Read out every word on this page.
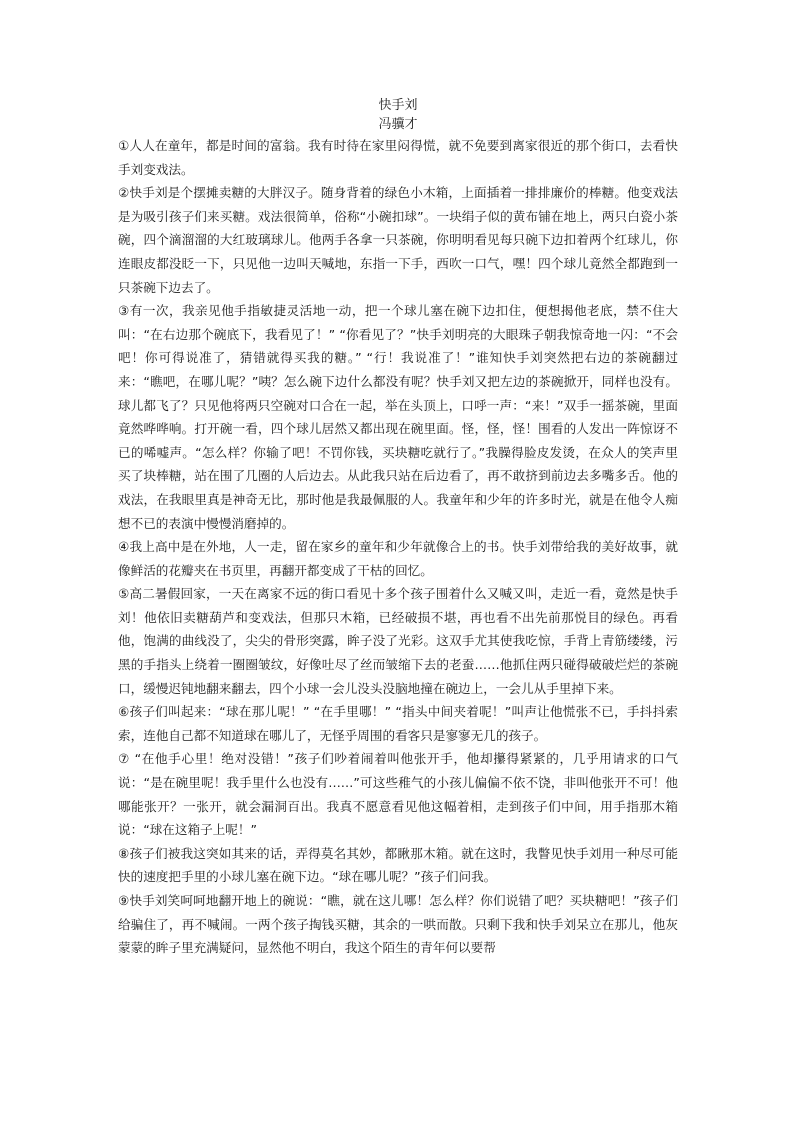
快手刘

冯骥才

①人人在童年，都是时间的富翁。我有时待在家里闷得慌，就不免要到离家很近的那个街口，去看快手刘变戏法。

②快手刘是个摆摊卖糖的大胖汉子。随身背着的绿色小木箱，上面插着一排排廉价的棒糖。他变戏法是为吸引孩子们来买糖。戏法很简单，俗称“小碗扣球”。一块绢子似的黄布铺在地上，两只白瓷小茶碗，四个滴溜溜的大红玻璃球儿。他两手各拿一只茶碗，你明明看见每只碗下边扣着两个红球儿，你连眼皮都没眨一下，只见他一边叫天喊地，东指一下手，西吹一口气，嘿！四个球儿竟然全都跑到一只茶碗下边去了。

③有一次，我亲见他手指敏捷灵活地一动，把一个球儿塞在碗下边扣住，便想揭他老底，禁不住大叫：“在右边那个碗底下，我看见了！” “你看见了？”快手刘明亮的大眼珠子朝我惊奇地一闪：“不会吧！你可得说准了，猜错就得买我的糖。” “行！我说准了！”谁知快手刘突然把右边的茶碗翻过来：“瞧吧，在哪儿呢？”咦？怎么碗下边什么都没有呢？快手刘又把左边的茶碗掀开，同样也没有。球儿都飞了？只见他将两只空碗对口合在一起，举在头顶上，口呼一声：“来！”双手一摇茶碗，里面竟然哗哗响。打开碗一看，四个球儿居然又都出现在碗里面。怪，怪，怪！围看的人发出一阵惊讶不已的唏嘘声。“怎么样？你输了吧！不罚你钱，买块糖吃就行了。”我臊得脸皮发烫，在众人的笑声里买了块棒糖，站在围了几圈的人后边去。从此我只站在后边看了，再不敢挤到前边去多嘴多舌。他的戏法，在我眼里真是神奇无比，那时他是我最佩服的人。我童年和少年的许多时光，就是在他令人痴想不已的表演中慢慢消磨掉的。

④我上高中是在外地，人一走，留在家乡的童年和少年就像合上的书。快手刘带给我的美好故事，就像鲜活的花瓣夹在书页里，再翻开都变成了干枯的回忆。

⑤高二暑假回家，一天在离家不远的街口看见十多个孩子围着什么又喊又叫，走近一看，竟然是快手刘！他依旧卖糖葫芦和变戏法，但那只木箱，已经破损不堪，再也看不出先前那悦目的绿色。再看他，饱满的曲线没了，尖尖的骨形突露，眸子没了光彩。这双手尤其使我吃惊，手背上青筋缕缕，污黑的手指头上绕着一圈圈皱纹，好像吐尽了丝而皱缩下去的老蚕……他抓住两只碰得破破烂烂的茶碗口，缓慢迟钝地翻来翻去，四个小球一会儿没头没脑地撞在碗边上，一会儿从手里掉下来。

⑥孩子们叫起来：“球在那儿呢！” “在手里哪！” “指头中间夹着呢！”叫声让他慌张不已，手抖抖索索，连他自己都不知道球在哪儿了，无怪乎周围的看客只是寥寥无几的孩子。

⑦ “在他手心里！绝对没错！”孩子们吵着闹着叫他张开手，他却攥得紧紧的，几乎用请求的口气说：“是在碗里呢！我手里什么也没有……”可这些稚气的小孩儿偏偏不依不饶，非叫他张开不可！他哪能张开？一张开，就会漏洞百出。我真不愿意看见他这幅着相，走到孩子们中间，用手指那木箱说：“球在这箱子上呢！”

⑧孩子们被我这突如其来的话，弄得莫名其妙，都瞅那木箱。就在这时，我瞥见快手刘用一种尽可能快的速度把手里的小球儿塞在碗下边。“球在哪儿呢？”孩子们问我。

⑨快手刘笑呵呵地翻开地上的碗说：“瞧，就在这儿哪！怎么样？你们说错了吧？买块糖吧！”孩子们给骗住了，再不喊闹。一两个孩子掏钱买糖，其余的一哄而散。只剩下我和快手刘呆立在那儿，他灰蒙蒙的眸子里充满疑问，显然他不明白，我这个陌生的青年何以要帮
